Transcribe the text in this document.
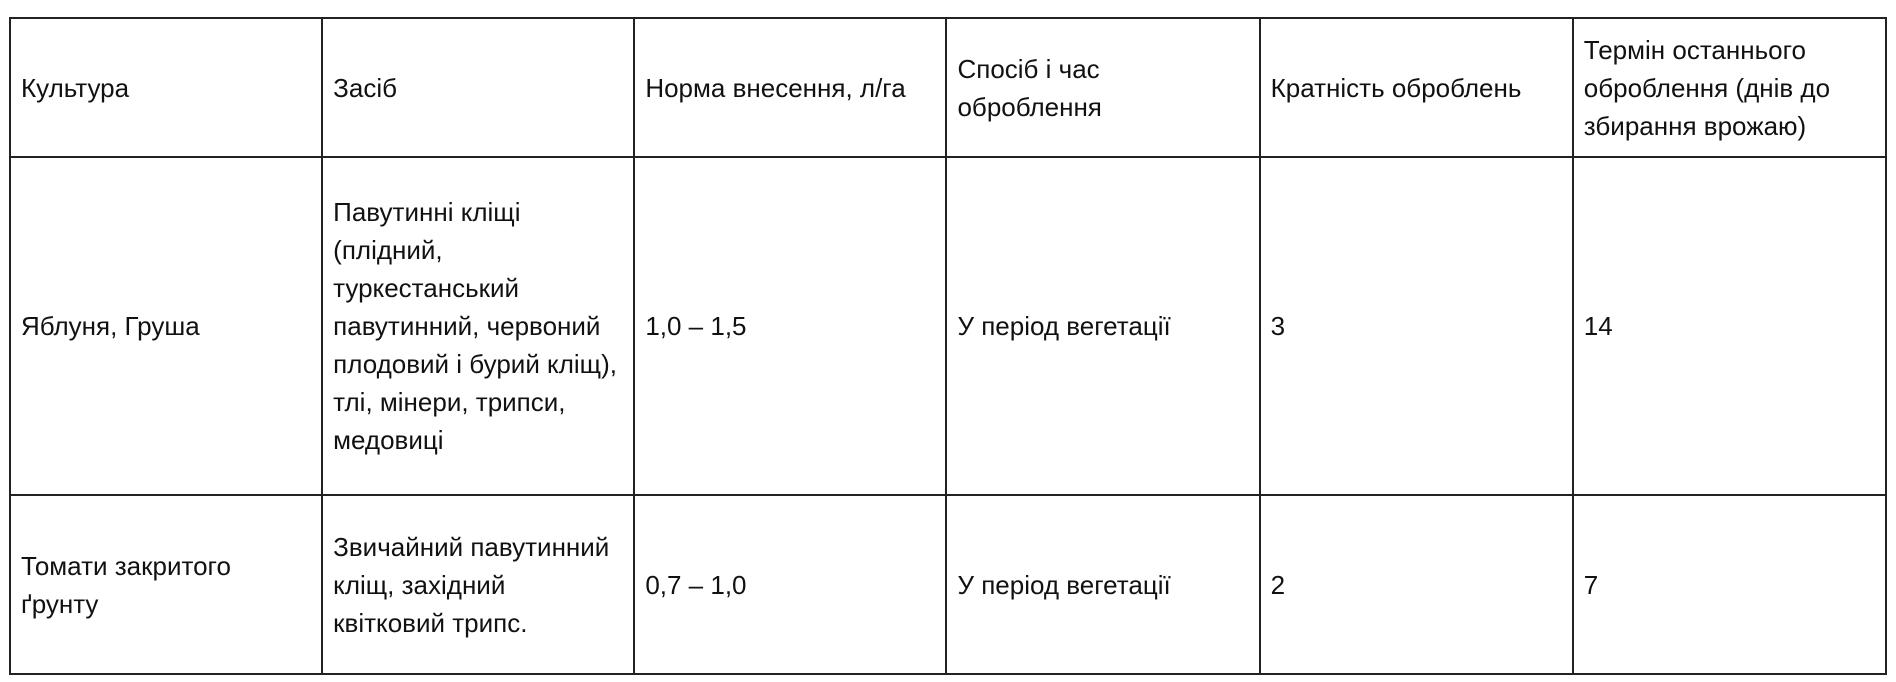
Культура	Засіб	Норма внесення, л/га	Спосіб і час оброблення	Кратність оброблень	Термін останнього оброблення (днів до збирання врожаю)
Яблуня, Груша	Павутинні кліщі (плідний, туркестанський павутинний, червоний плодовий і бурий кліщ), тлі, мінери, трипси, медовиці	1,0 – 1,5	У період вегетації	3	14
Томати закритого ґрунту	Звичайний павутинний кліщ, західний квітковий трипс.	0,7 – 1,0	У період вегетації	2	7
